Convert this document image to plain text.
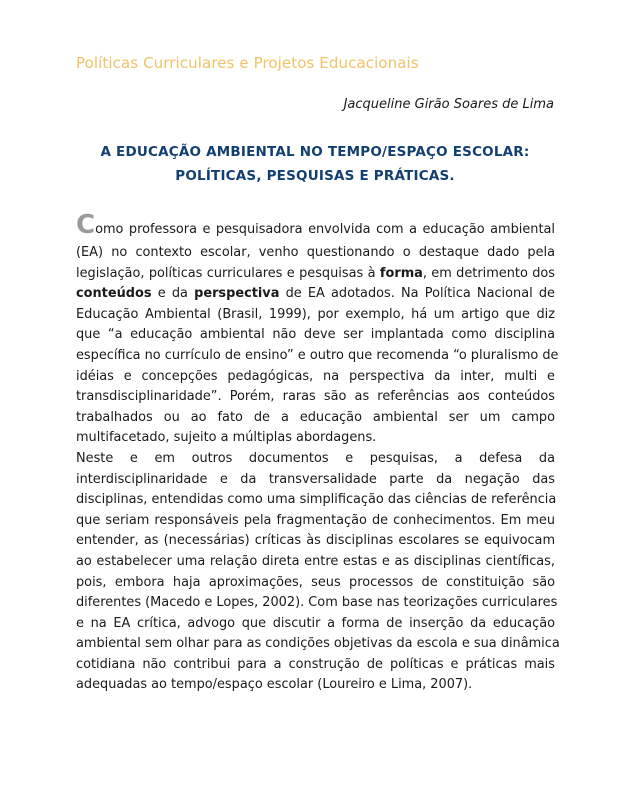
Políticas Curriculares e Projetos Educacionais
Jacqueline Girão Soares de Lima
A EDUCAÇÃO AMBIENTAL NO TEMPO/ESPAÇO ESCOLAR:
POLÍTICAS, PESQUISAS E PRÁTICAS.
Como professora e pesquisadora envolvida com a educação ambiental
(EA) no contexto escolar, venho questionando o destaque dado pela
legislação, políticas curriculares e pesquisas à forma, em detrimento dos
conteúdos e da perspectiva de EA adotados. Na Política Nacional de
Educação Ambiental (Brasil, 1999), por exemplo, há um artigo que diz
que “a educação ambiental não deve ser implantada como disciplina
específica no currículo de ensino” e outro que recomenda “o pluralismo de
idéias e concepções pedagógicas, na perspectiva da inter, multi e
transdisciplinaridade”. Porém, raras são as referências aos conteúdos
trabalhados ou ao fato de a educação ambiental ser um campo
multifacetado, sujeito a múltiplas abordagens.
Neste e em outros documentos e pesquisas, a defesa da
interdisciplinaridade e da transversalidade parte da negação das
disciplinas, entendidas como uma simplificação das ciências de referência
que seriam responsáveis pela fragmentação de conhecimentos. Em meu
entender, as (necessárias) críticas às disciplinas escolares se equivocam
ao estabelecer uma relação direta entre estas e as disciplinas científicas,
pois, embora haja aproximações, seus processos de constituição são
diferentes (Macedo e Lopes, 2002). Com base nas teorizações curriculares
e na EA crítica, advogo que discutir a forma de inserção da educação
ambiental sem olhar para as condições objetivas da escola e sua dinâmica
cotidiana não contribui para a construção de políticas e práticas mais
adequadas ao tempo/espaço escolar (Loureiro e Lima, 2007).
